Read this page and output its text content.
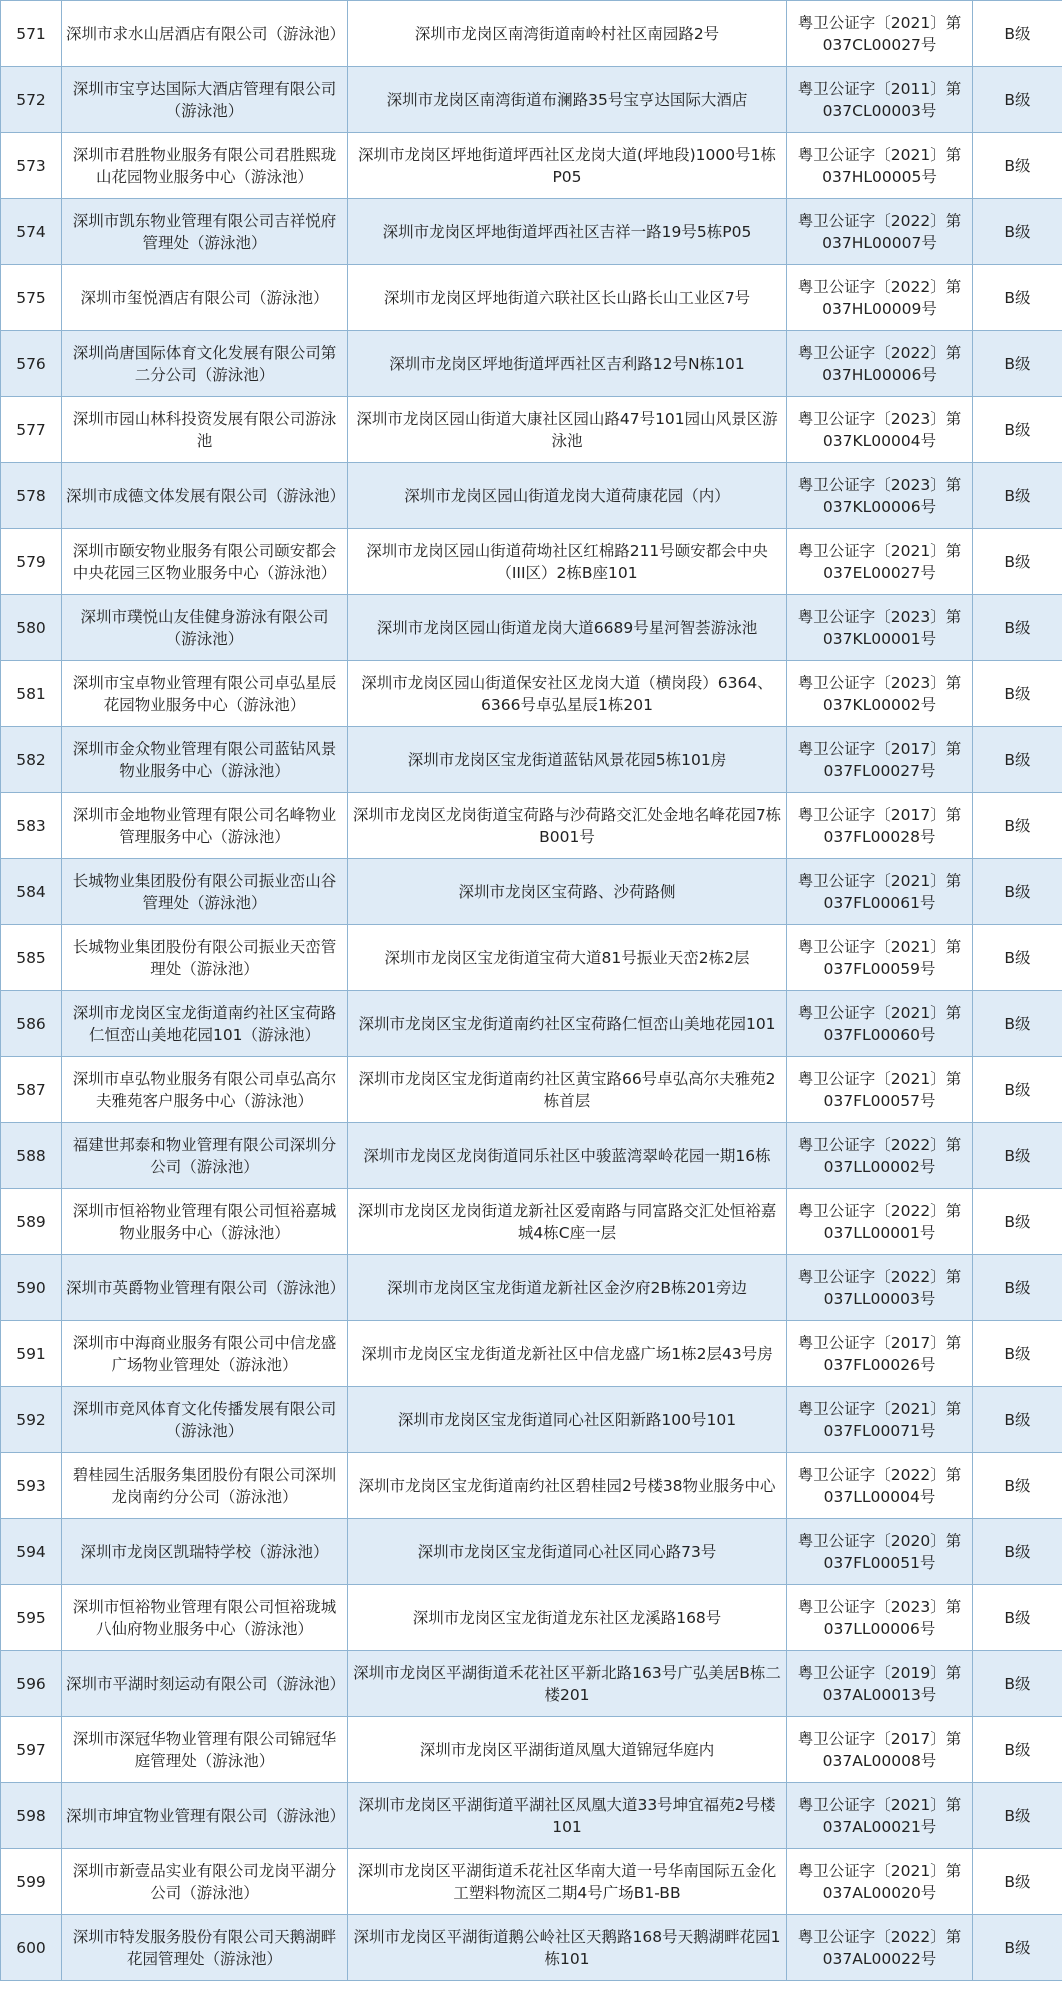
571	深圳市求水山居酒店有限公司（游泳池）	深圳市龙岗区南湾街道南岭村社区南园路2号	粤卫公证字〔2021〕第037CL00027号	B级
572	深圳市宝亨达国际大酒店管理有限公司（游泳池）	深圳市龙岗区南湾街道布澜路35号宝亨达国际大酒店	粤卫公证字〔2011〕第037CL00003号	B级
573	深圳市君胜物业服务有限公司君胜熙珑山花园物业服务中心（游泳池）	深圳市龙岗区坪地街道坪西社区龙岗大道(坪地段)1000号1栋P05	粤卫公证字〔2021〕第037HL00005号	B级
574	深圳市凯东物业管理有限公司吉祥悦府管理处（游泳池）	深圳市龙岗区坪地街道坪西社区吉祥一路19号5栋P05	粤卫公证字〔2022〕第037HL00007号	B级
575	深圳市玺悦酒店有限公司（游泳池）	深圳市龙岗区坪地街道六联社区长山路长山工业区7号	粤卫公证字〔2022〕第037HL00009号	B级
576	深圳尚唐国际体育文化发展有限公司第二分公司（游泳池）	深圳市龙岗区坪地街道坪西社区吉利路12号N栋101	粤卫公证字〔2022〕第037HL00006号	B级
577	深圳市园山林科投资发展有限公司游泳池	深圳市龙岗区园山街道大康社区园山路47号101园山风景区游泳池	粤卫公证字〔2023〕第037KL00004号	B级
578	深圳市成德文体发展有限公司（游泳池）	深圳市龙岗区园山街道龙岗大道荷康花园（内）	粤卫公证字〔2023〕第037KL00006号	B级
579	深圳市颐安物业服务有限公司颐安都会中央花园三区物业服务中心（游泳池）	深圳市龙岗区园山街道荷坳社区红棉路211号颐安都会中央（III区）2栋B座101	粤卫公证字〔2021〕第037EL00027号	B级
580	深圳市璞悦山友佳健身游泳有限公司（游泳池）	深圳市龙岗区园山街道龙岗大道6689号星河智荟游泳池	粤卫公证字〔2023〕第037KL00001号	B级
581	深圳市宝卓物业管理有限公司卓弘星辰花园物业服务中心（游泳池）	深圳市龙岗区园山街道保安社区龙岗大道（横岗段）6364、6366号卓弘星辰1栋201	粤卫公证字〔2023〕第037KL00002号	B级
582	深圳市金众物业管理有限公司蓝钻风景物业服务中心（游泳池）	深圳市龙岗区宝龙街道蓝钻风景花园5栋101房	粤卫公证字〔2017〕第037FL00027号	B级
583	深圳市金地物业管理有限公司名峰物业管理服务中心（游泳池）	深圳市龙岗区龙岗街道宝荷路与沙荷路交汇处金地名峰花园7栋B001号	粤卫公证字〔2017〕第037FL00028号	B级
584	长城物业集团股份有限公司振业峦山谷管理处（游泳池）	深圳市龙岗区宝荷路、沙荷路侧	粤卫公证字〔2021〕第037FL00061号	B级
585	长城物业集团股份有限公司振业天峦管理处（游泳池）	深圳市龙岗区宝龙街道宝荷大道81号振业天峦2栋2层	粤卫公证字〔2021〕第037FL00059号	B级
586	深圳市龙岗区宝龙街道南约社区宝荷路仁恒峦山美地花园101（游泳池）	深圳市龙岗区宝龙街道南约社区宝荷路仁恒峦山美地花园101	粤卫公证字〔2021〕第037FL00060号	B级
587	深圳市卓弘物业服务有限公司卓弘高尔夫雅苑客户服务中心（游泳池）	深圳市龙岗区宝龙街道南约社区黄宝路66号卓弘高尔夫雅苑2栋首层	粤卫公证字〔2021〕第037FL00057号	B级
588	福建世邦泰和物业管理有限公司深圳分公司（游泳池）	深圳市龙岗区龙岗街道同乐社区中骏蓝湾翠岭花园一期16栋	粤卫公证字〔2022〕第037LL00002号	B级
589	深圳市恒裕物业管理有限公司恒裕嘉城物业服务中心（游泳池）	深圳市龙岗区龙岗街道龙新社区爱南路与同富路交汇处恒裕嘉城4栋C座一层	粤卫公证字〔2022〕第037LL00001号	B级
590	深圳市英爵物业管理有限公司（游泳池）	深圳市龙岗区宝龙街道龙新社区金汐府2B栋201旁边	粤卫公证字〔2022〕第037LL00003号	B级
591	深圳市中海商业服务有限公司中信龙盛广场物业管理处（游泳池）	深圳市龙岗区宝龙街道龙新社区中信龙盛广场1栋2层43号房	粤卫公证字〔2017〕第037FL00026号	B级
592	深圳市竞风体育文化传播发展有限公司（游泳池）	深圳市龙岗区宝龙街道同心社区阳新路100号101	粤卫公证字〔2021〕第037FL00071号	B级
593	碧桂园生活服务集团股份有限公司深圳龙岗南约分公司（游泳池）	深圳市龙岗区宝龙街道南约社区碧桂园2号楼38物业服务中心	粤卫公证字〔2022〕第037LL00004号	B级
594	深圳市龙岗区凯瑞特学校（游泳池）	深圳市龙岗区宝龙街道同心社区同心路73号	粤卫公证字〔2020〕第037FL00051号	B级
595	深圳市恒裕物业管理有限公司恒裕珑城八仙府物业服务中心（游泳池）	深圳市龙岗区宝龙街道龙东社区龙溪路168号	粤卫公证字〔2023〕第037LL00006号	B级
596	深圳市平湖时刻运动有限公司（游泳池）	深圳市龙岗区平湖街道禾花社区平新北路163号广弘美居B栋二楼201	粤卫公证字〔2019〕第037AL00013号	B级
597	深圳市深冠华物业管理有限公司锦冠华庭管理处（游泳池）	深圳市龙岗区平湖街道凤凰大道锦冠华庭内	粤卫公证字〔2017〕第037AL00008号	B级
598	深圳市坤宜物业管理有限公司（游泳池）	深圳市龙岗区平湖街道平湖社区凤凰大道33号坤宜福苑2号楼101	粤卫公证字〔2021〕第037AL00021号	B级
599	深圳市新壹品实业有限公司龙岗平湖分公司（游泳池）	深圳市龙岗区平湖街道禾花社区华南大道一号华南国际五金化工塑料物流区二期4号广场B1-BB	粤卫公证字〔2021〕第037AL00020号	B级
600	深圳市特发服务股份有限公司天鹅湖畔花园管理处（游泳池）	深圳市龙岗区平湖街道鹅公岭社区天鹅路168号天鹅湖畔花园1栋101	粤卫公证字〔2022〕第037AL00022号	B级
